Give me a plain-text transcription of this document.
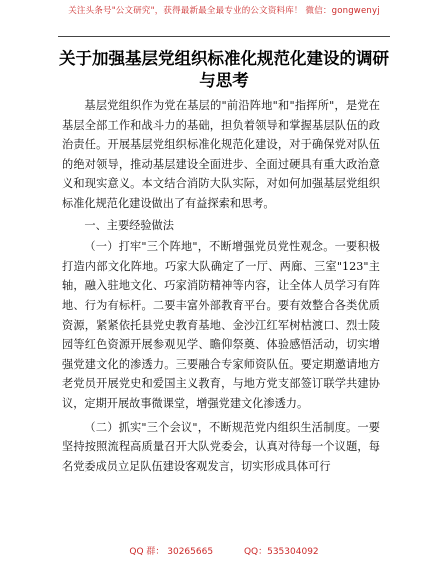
关注头条号"公文研究"，获得最新最全最专业的公文资料库！ 微信：gongwenyj
关于加强基层党组织标准化规范化建设的调研
与思考

基层党组织作为党在基层的"前沿阵地"和"指挥所"，是党在基层全部工作和战斗力的基础，担负着领导和掌握基层队伍的政治责任。开展基层党组织标准化规范化建设，对于确保党对队伍的绝对领导，推动基层建设全面进步、全面过硬具有重大政治意义和现实意义。本文结合消防大队实际，对如何加强基层党组织标准化规范化建设做出了有益探索和思考。

一、主要经验做法

（一）打牢"三个阵地"，不断增强党员党性观念。一要积极打造内部文化阵地。巧家大队确定了一厅、两廊、三室"123"主轴，融入驻地文化、巧家消防精神等内容，让全体人员学习有阵地、行为有标杆。二要丰富外部教育平台。要有效整合各类优质资源，紧紧依托县党史教育基地、金沙江红军树枯渡口、烈士陵园等红色资源开展参观见学、瞻仰祭奠、体验感悟活动，切实增强党建文化的渗透力。三要融合专家师资队伍。要定期邀请地方老党员开展党史和爱国主义教育，与地方党支部签订联学共建协议，定期开展故事微课堂，增强党建文化渗透力。

（二）抓实"三个会议"，不断规范党内组织生活制度。一要坚持按照流程高质量召开大队党委会，认真对待每一个议题，每名党委成员立足队伍建设客观发言，切实形成具体可行

QQ 群： 30265665	QQ：535304092
